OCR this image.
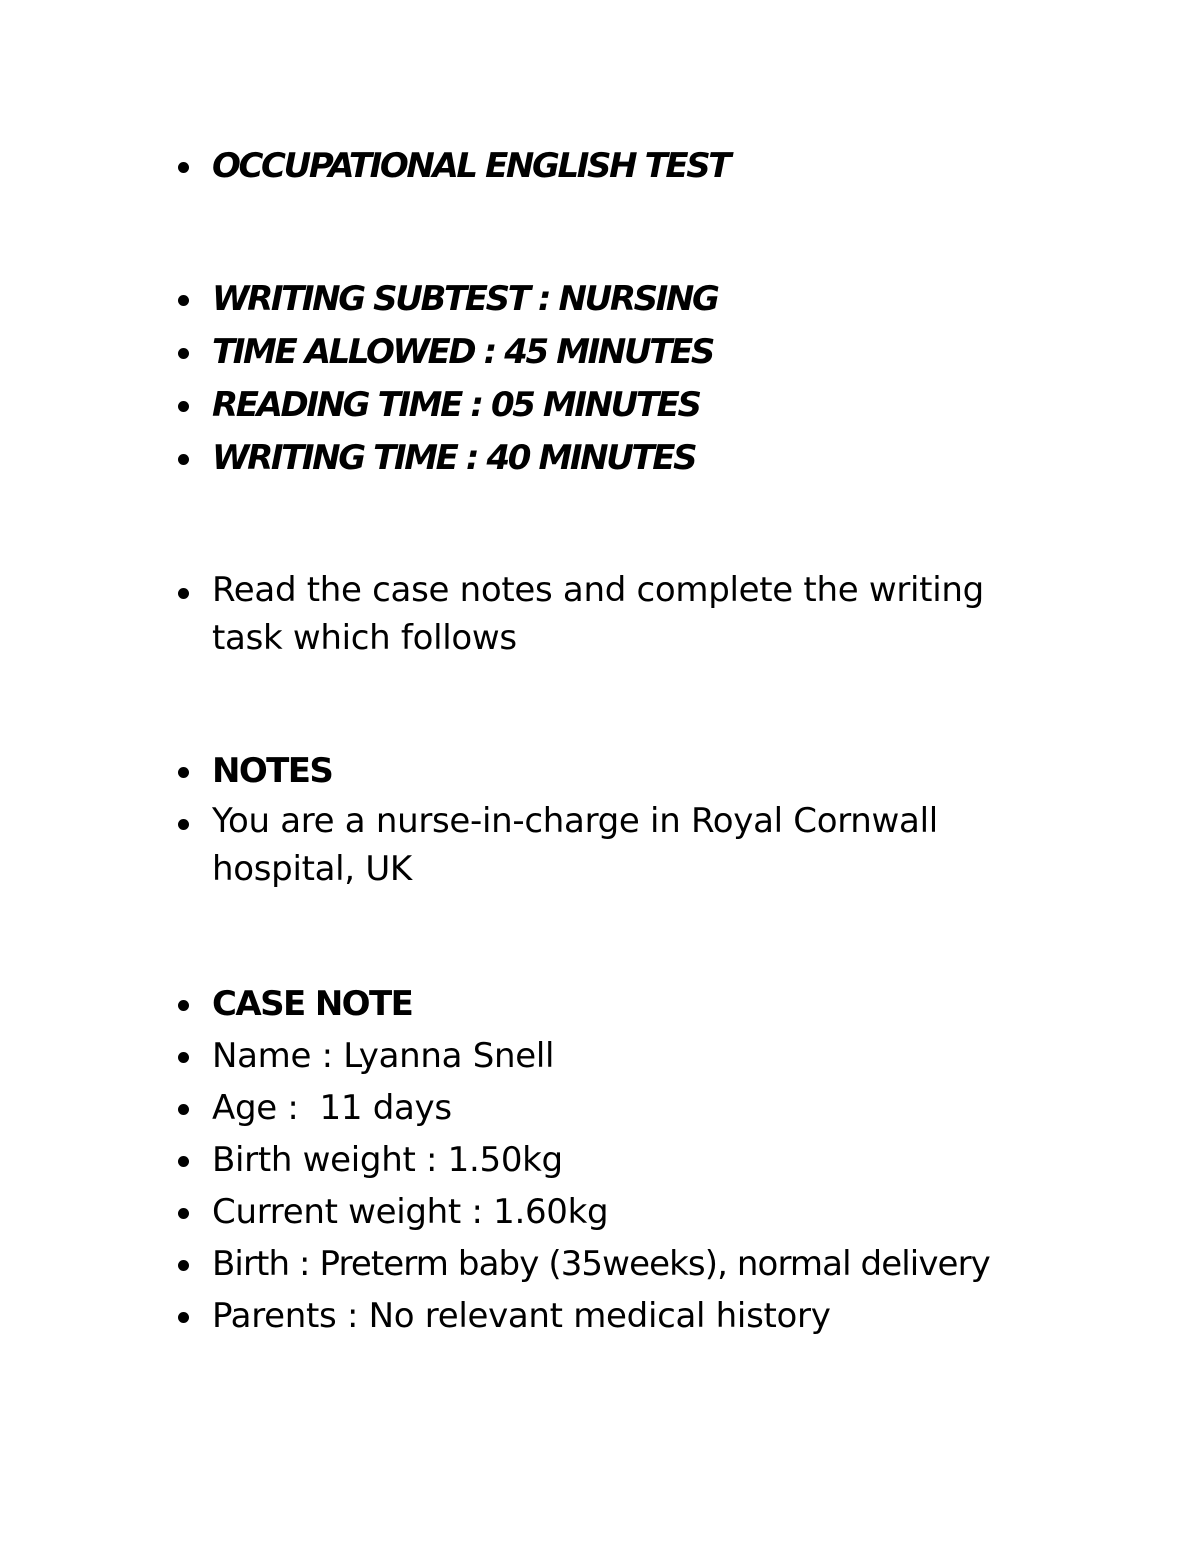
OCCUPATIONAL ENGLISH TEST
WRITING SUBTEST : NURSING
TIME ALLOWED : 45 MINUTES
READING TIME : 05 MINUTES
WRITING TIME : 40 MINUTES
Read the case notes and complete the writing task which follows
NOTES
You are a nurse-in-charge in Royal Cornwall hospital, UK
CASE NOTE
Name : Lyanna Snell
Age :  11 days
Birth weight : 1.50kg
Current weight : 1.60kg
Birth : Preterm baby (35weeks), normal delivery
Parents : No relevant medical history
